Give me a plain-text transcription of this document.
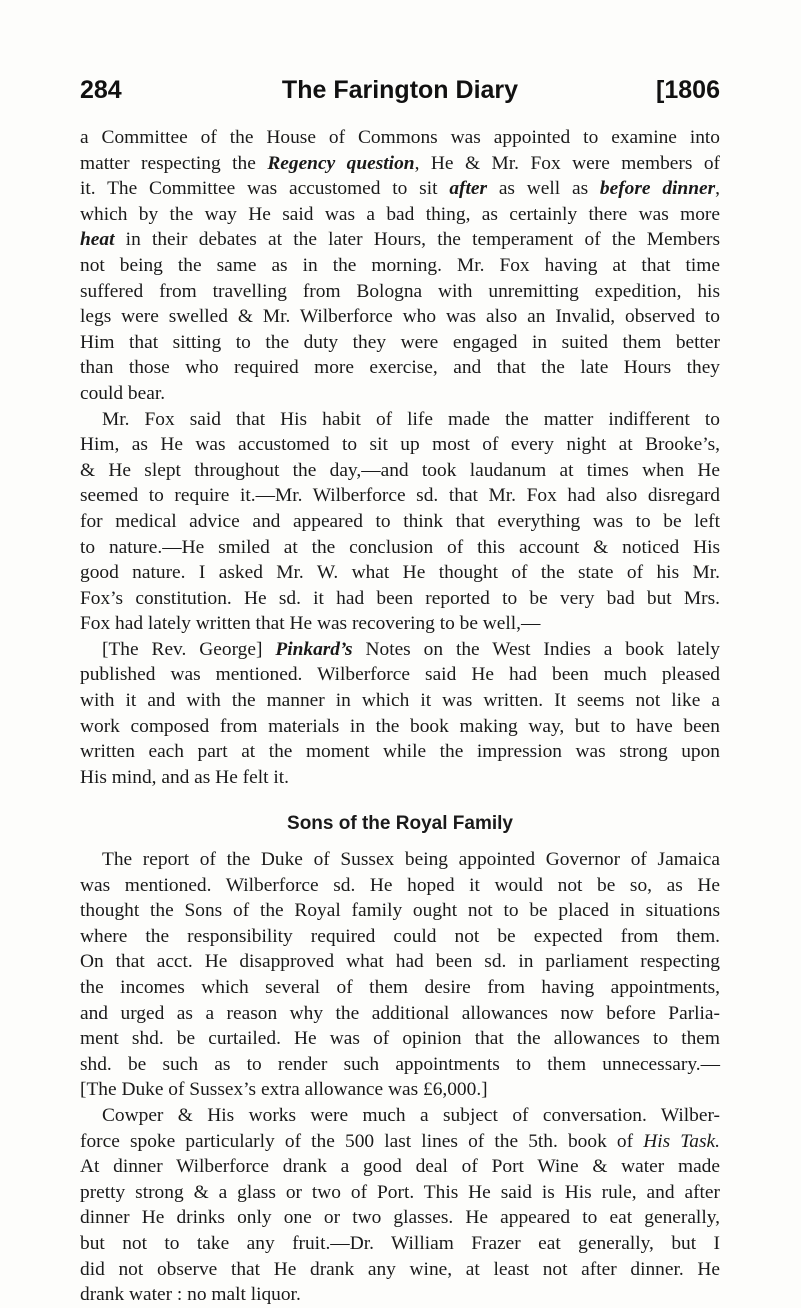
284	The Farington Diary	[1806
a Committee of the House of Commons was appointed to examine into
matter respecting the Regency question, He & Mr. Fox were members of
it. The Committee was accustomed to sit after as well as before dinner,
which by the way He said was a bad thing, as certainly there was more
heat in their debates at the later Hours, the temperament of the Members
not being the same as in the morning. Mr. Fox having at that time
suffered from travelling from Bologna with unremitting expedition, his
legs were swelled & Mr. Wilberforce who was also an Invalid, observed to
Him that sitting to the duty they were engaged in suited them better
than those who required more exercise, and that the late Hours they
could bear.
Mr. Fox said that His habit of life made the matter indifferent to
Him, as He was accustomed to sit up most of every night at Brooke’s,
& He slept throughout the day,—and took laudanum at times when He
seemed to require it.—Mr. Wilberforce sd. that Mr. Fox had also disregard
for medical advice and appeared to think that everything was to be left
to nature.—He smiled at the conclusion of this account & noticed His
good nature. I asked Mr. W. what He thought of the state of his Mr.
Fox’s constitution. He sd. it had been reported to be very bad but Mrs.
Fox had lately written that He was recovering to be well,—
[The Rev. George] Pinkard’s Notes on the West Indies a book lately
published was mentioned. Wilberforce said He had been much pleased
with it and with the manner in which it was written. It seems not like a
work composed from materials in the book making way, but to have been
written each part at the moment while the impression was strong upon
His mind, and as He felt it.
Sons of the Royal Family
The report of the Duke of Sussex being appointed Governor of Jamaica
was mentioned. Wilberforce sd. He hoped it would not be so, as He
thought the Sons of the Royal family ought not to be placed in situations
where the responsibility required could not be expected from them.
On that acct. He disapproved what had been sd. in parliament respecting
the incomes which several of them desire from having appointments,
and urged as a reason why the additional allowances now before Parlia-
ment shd. be curtailed. He was of opinion that the allowances to them
shd. be such as to render such appointments to them unnecessary.—
[The Duke of Sussex’s extra allowance was £6,000.]
Cowper & His works were much a subject of conversation. Wilber-
force spoke particularly of the 500 last lines of the 5th. book of His Task.
At dinner Wilberforce drank a good deal of Port Wine & water made
pretty strong & a glass or two of Port. This He said is His rule, and after
dinner He drinks only one or two glasses. He appeared to eat generally,
but not to take any fruit.—Dr. William Frazer eat generally, but I
did not observe that He drank any wine, at least not after dinner. He
drank water : no malt liquor.
